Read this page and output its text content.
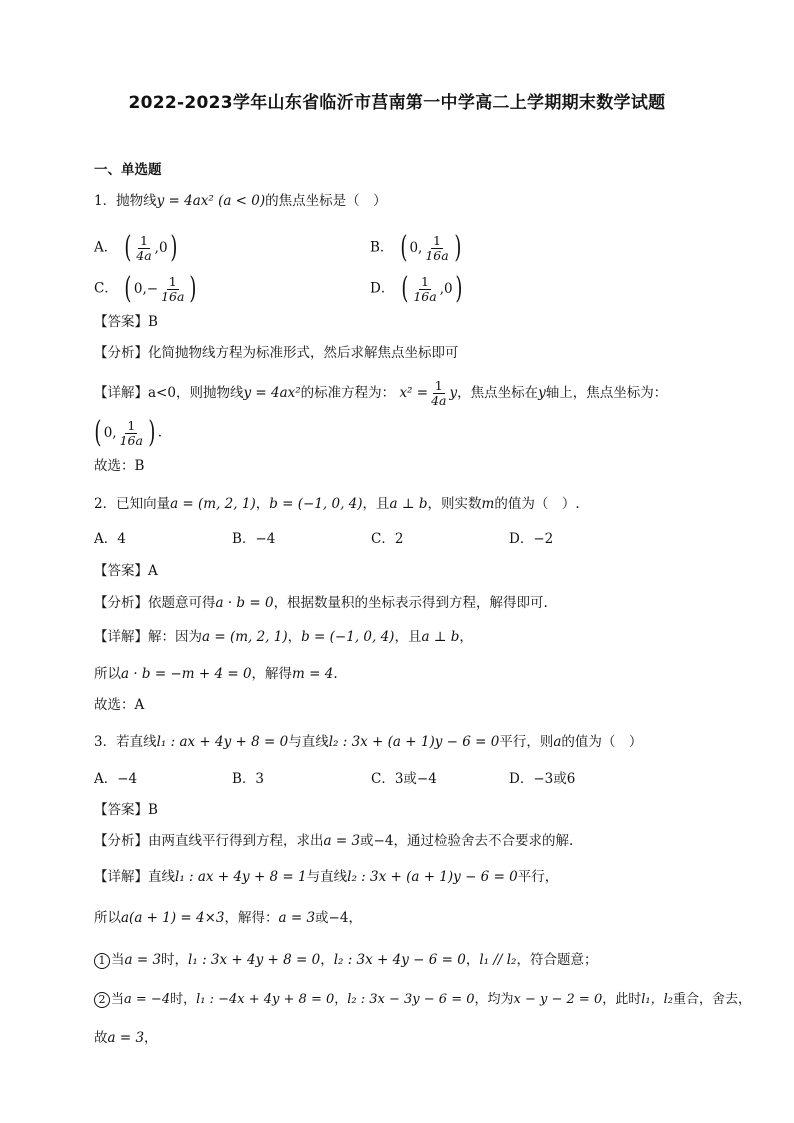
2022-2023学年山东省临沂市莒南第一中学高二上学期期末数学试题
一、单选题
1．抛物线y = 4ax² (a < 0)的焦点坐标是（　）
A． ( $\frac{1}{4a} ,0$ )	B． ( 0, $\frac{1}{16a}$ )
C． ( $0,- \frac{1}{16a}$ )	D． ( $\frac{1}{16a} ,0$ )
【答案】B
【分析】化简抛物线方程为标准形式，然后求解焦点坐标即可
【详解】a<0，则抛物线y = 4ax²的标准方程为： $x^2 = \frac{1}{4a}$ y，焦点坐标在y轴上，焦点坐标为：
( 0, $\frac{1}{16a}$ ) .
故选：B
2．已知向量a = (m, 2, 1)，b = (−1, 0, 4)，且a ⊥ b，则实数m的值为（　）.
A．4	B．−4	C．2	D．−2
【答案】A
【分析】依题意可得a · b = 0，根据数量积的坐标表示得到方程，解得即可.
【详解】解：因为a = (m, 2, 1)，b = (−1, 0, 4)，且a ⊥ b，
所以a · b = −m + 4 = 0，解得m = 4.
故选：A
3．若直线l₁ : ax + 4y + 8 = 0与直线l₂ : 3x + (a + 1)y − 6 = 0平行，则a的值为（　）
A．−4	B．3	C．3或−4	D．−3或6
【答案】B
【分析】由两直线平行得到方程，求出a = 3或−4，通过检验舍去不合要求的解.
【详解】直线l₁ : ax + 4y + 8 = 1与直线l₂ : 3x + (a + 1)y − 6 = 0平行，
所以a(a + 1) = 4×3，解得：a = 3或−4，
1 当a = 3时，l₁ : 3x + 4y + 8 = 0，l₂ : 3x + 4y − 6 = 0，l₁ // l₂，符合题意；
2 当a = −4时，l₁ : −4x + 4y + 8 = 0，l₂ : 3x − 3y − 6 = 0，均为x − y − 2 = 0，此时l₁，l₂重合，舍去，
故a = 3，
